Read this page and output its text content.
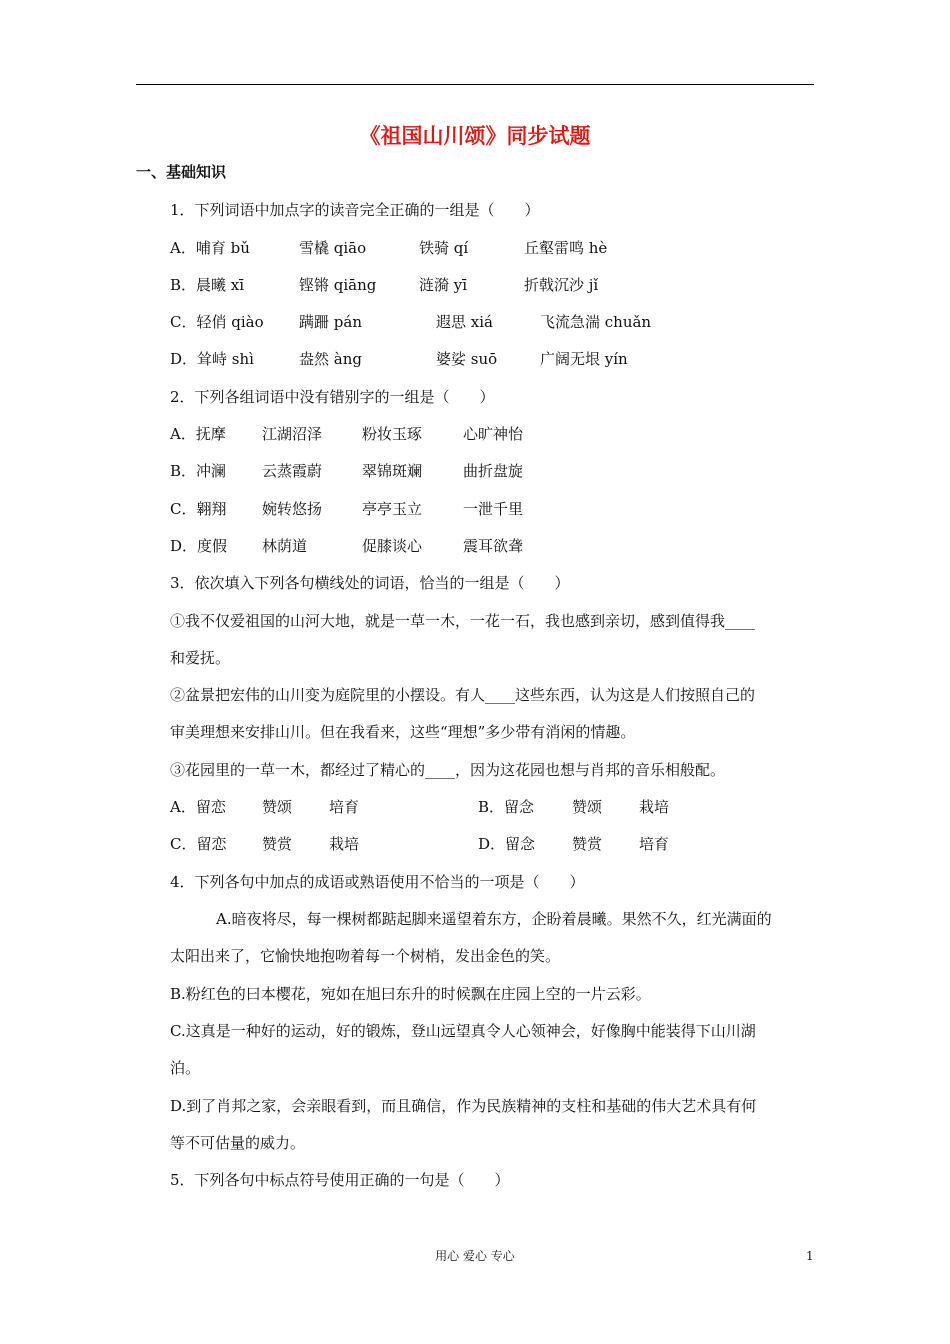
《祖国山川颂》同步试题
一、基础知识
1．下列词语中加点字的读音完全正确的一组是（　　）
A．哺育 bǔ	雪橇 qiāo	铁骑 qí	丘壑雷鸣 hè
B．晨曦 xī	铿锵 qiāng	涟漪 yī	折戟沉沙 jǐ
C．轻俏 qiào 蹒跚 pán	遐思 xiá	飞流急湍 chuǎn
D．耸峙 shì	盎然 àng	婆娑 suō	广阔无垠 yín
2．下列各组词语中没有错别字的一组是（　　）
A．抚摩 江湖沼泽	粉妆玉琢	心旷神怡
B．冲澜 云蒸霞蔚	翠锦斑斓	曲折盘旋
C．翱翔 婉转悠扬	亭亭玉立	一泄千里
D．度假 林荫道	促膝谈心	震耳欲聋
3．依次填入下列各句横线处的词语，恰当的一组是（　　）
①我不仅爱祖国的山河大地，就是一草一木，一花一石，我也感到亲切，感到值得我____
和爱抚。
②盆景把宏伟的山川变为庭院里的小摆设。有人____这些东西，认为这是人们按照自己的
审美理想来安排山川。但在我看来，这些“理想”多少带有消闲的情趣。
③花园里的一草一木，都经过了精心的____，因为这花园也想与肖邦的音乐相般配。
A．留恋 赞颂 培育	B．留念	赞颂 栽培
C．留恋 赞赏 栽培	D．留念 赞赏 培育
4．下列各句中加点的成语或熟语使用不恰当的一项是（　　）
A.暗夜将尽，每一棵树都踮起脚来遥望着东方，企盼着晨曦。果然不久，红光满面的
太阳出来了，它愉快地抱吻着每一个树梢，发出金色的笑。
B.粉红色的曰本樱花，宛如在旭曰东升的时候飘在庄园上空的一片云彩。
C.这真是一种好的运动，好的锻炼，登山远望真令人心领神会，好像胸中能装得下山川湖
泊。
D.到了肖邦之家，会亲眼看到，而且确信，作为民族精神的支柱和基础的伟大艺术具有何
等不可估量的威力。
5．下列各句中标点符号使用正确的一句是（　　）
用心 爱心 专心	1
